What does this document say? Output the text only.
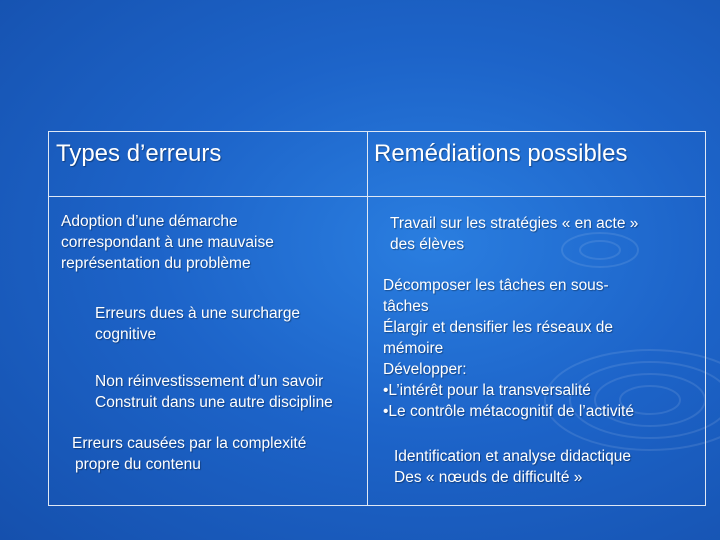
Types d’erreurs	Remédiations possibles
Adoption d’une démarche
correspondant à une mauvaise
représentation du problème
Erreurs dues à une surcharge
cognitive
Non réinvestissement d’un savoir
Construit dans une autre discipline
Erreurs causées par la complexité
propre du contenu
Travail sur les stratégies « en acte »
des élèves
Décomposer les tâches en sous-
tâches
Élargir et densifier les réseaux de
mémoire
Développer:
•L’intérêt pour la transversalité
•Le contrôle métacognitif de l’activité
Identification et analyse didactique
Des « nœuds de difficulté »
